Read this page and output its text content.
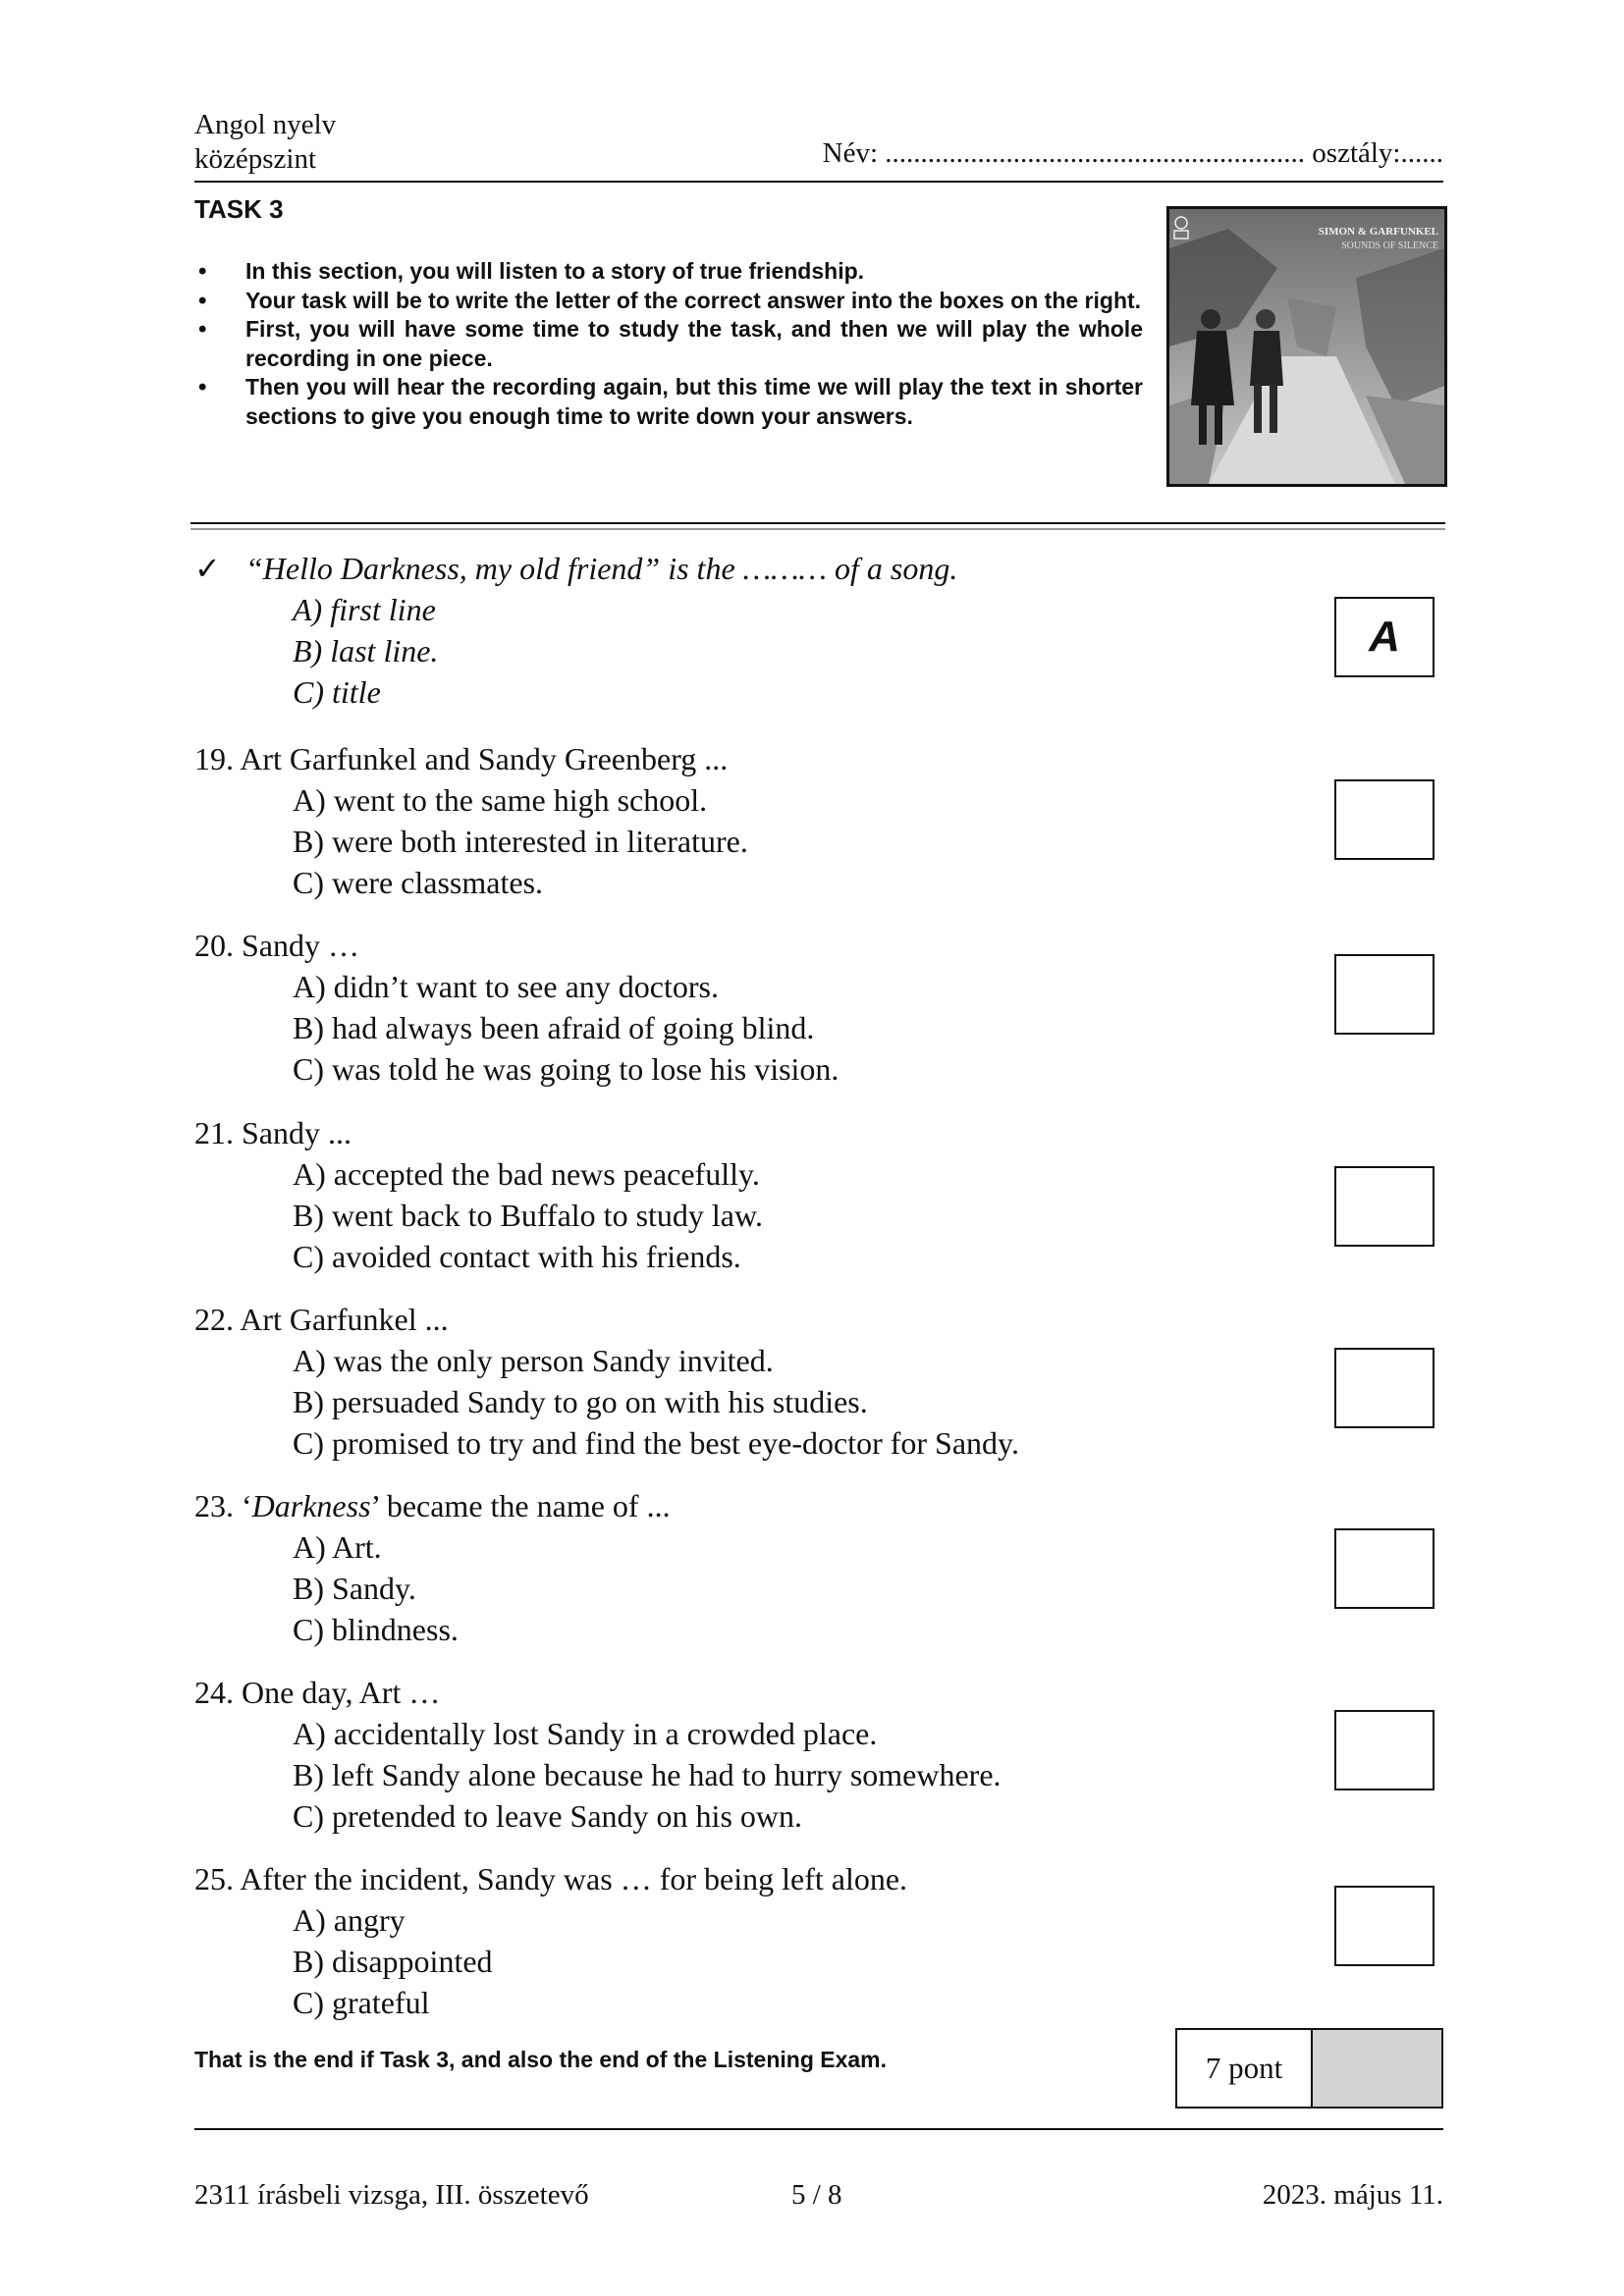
Angol nyelv
középszint	Név: ........................................................... osztály:......
TASK 3
• In this section, you will listen to a story of true friendship.
• Your task will be to write the letter of the correct answer into the boxes on the right.
• First, you will have some time to study the task, and then we will play the whole recording in one piece.
• Then you will hear the recording again, but this time we will play the text in shorter sections to give you enough time to write down your answers.
SIMON & GARFUNKEL
SOUNDS OF SILENCE
✓ “Hello Darkness, my old friend” is the ……… of a song.
A) first line
B) last line.
C) title
A
19. Art Garfunkel and Sandy Greenberg ...
A) went to the same high school.
B) were both interested in literature.
C) were classmates.
20. Sandy …
A) didn’t want to see any doctors.
B) had always been afraid of going blind.
C) was told he was going to lose his vision.
21. Sandy ...
A) accepted the bad news peacefully.
B) went back to Buffalo to study law.
C) avoided contact with his friends.
22. Art Garfunkel ...
A) was the only person Sandy invited.
B) persuaded Sandy to go on with his studies.
C) promised to try and find the best eye-doctor for Sandy.
23. ‘Darkness’ became the name of ...
A) Art.
B) Sandy.
C) blindness.
24. One day, Art …
A) accidentally lost Sandy in a crowded place.
B) left Sandy alone because he had to hurry somewhere.
C) pretended to leave Sandy on his own.
25. After the incident, Sandy was … for being left alone.
A) angry
B) disappointed
C) grateful
That is the end if Task 3, and also the end of the Listening Exam.	7 pont
2311 írásbeli vizsga, III. összetevő	5 / 8	2023. május 11.
